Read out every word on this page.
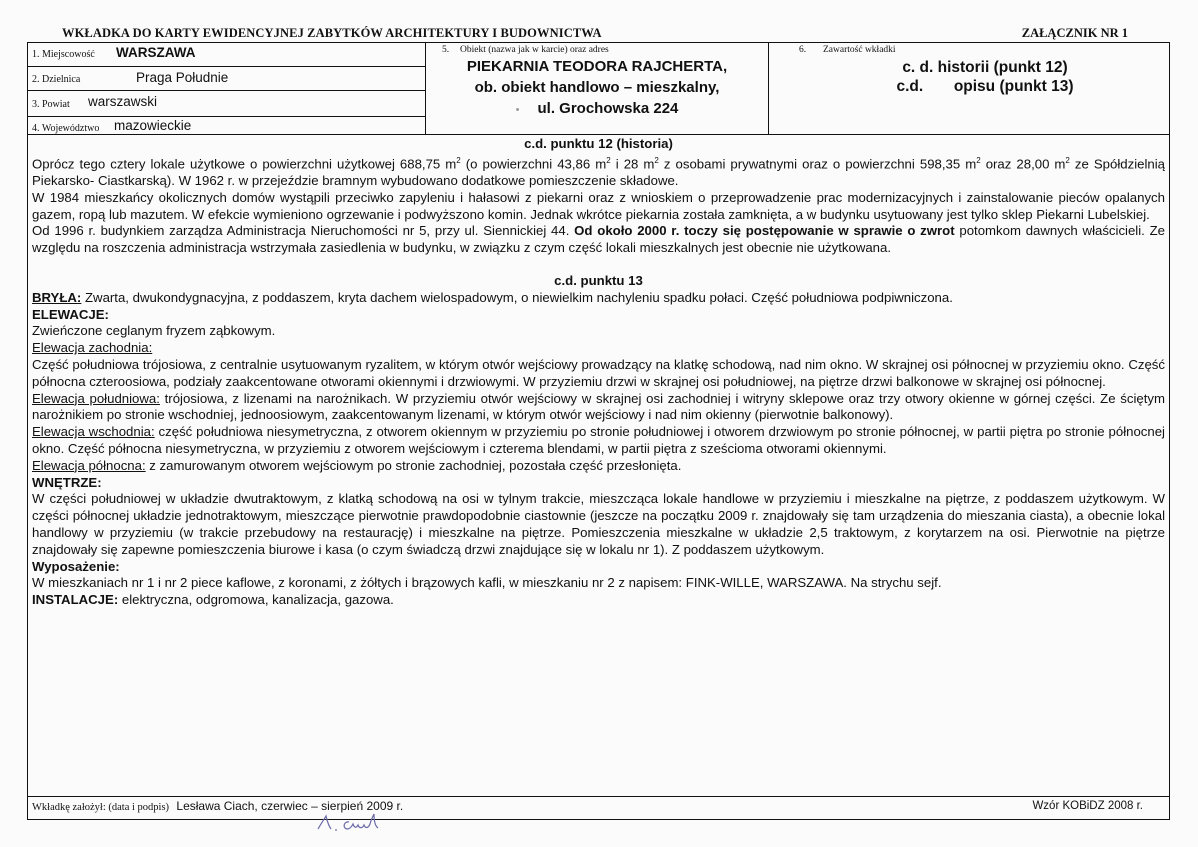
WKŁADKA DO KARTY EWIDENCYJNEJ ZABYTKÓW ARCHITEKTURY I BUDOWNICTWA	ZAŁĄCZNIK NR 1
1. Miejscowość WARSZAWA
2. Dzielnica	Praga Południe
3. Powiat warszawski
4. Województwo mazowieckie
5. Obiekt (nazwa jak w karcie) oraz adres
PIEKARNIA TEODORA RAJCHERTA,
ob. obiekt handlowo – mieszkalny,
• ul. Grochowska 224
6. Zawartość wkładki
c. d. historii (punkt 12)
c.d. opisu (punkt 13)

c.d. punktu 12 (historia)

Oprócz tego cztery lokale użytkowe o powierzchni użytkowej 688,75 $m^2$ (o powierzchni 43,86 $m^2$ i 28 $m^2$ z osobami prywatnymi oraz o powierzchni 598,35 $m^2$ oraz 28,00 $m^2$ ze Spółdzielnią Piekarsko- Ciastkarską). W 1962 r. w przejeździe bramnym wybudowano dodatkowe pomieszczenie składowe.

W 1984 mieszkańcy okolicznych domów wystąpili przeciwko zapyleniu i hałasowi z piekarni oraz z wnioskiem o przeprowadzenie prac modernizacyjnych i zainstalowanie pieców opalanych gazem, ropą lub mazutem. W efekcie wymieniono ogrzewanie i podwyższono komin. Jednak wkrótce piekarnia została zamknięta, a w budynku usytuowany jest tylko sklep Piekarni Lubelskiej.

Od 1996 r. budynkiem zarządza Administracja Nieruchomości nr 5, przy ul. Siennickiej 44. Od około 2000 r. toczy się postępowanie w sprawie o zwrot potomkom dawnych właścicieli. Ze względu na roszczenia administracja wstrzymała zasiedlenia w budynku, w związku z czym część lokali mieszkalnych jest obecnie nie użytkowana.

c.d. punktu 13

BRYŁA: Zwarta, dwukondygnacyjna, z poddaszem, kryta dachem wielospadowym, o niewielkim nachyleniu spadku połaci. Część południowa podpiwniczona.

ELEWACJE:

Zwieńczone ceglanym fryzem ząbkowym.

Elewacja zachodnia:

Część południowa trójosiowa, z centralnie usytuowanym ryzalitem, w którym otwór wejściowy prowadzący na klatkę schodową, nad nim okno. W skrajnej osi północnej w przyziemiu okno. Część północna czteroosiowa, podziały zaakcentowane otworami okiennymi i drzwiowymi. W przyziemiu drzwi w skrajnej osi południowej, na piętrze drzwi balkonowe w skrajnej osi północnej.

Elewacja południowa: trójosiowa, z lizenami na narożnikach. W przyziemiu otwór wejściowy w skrajnej osi zachodniej i witryny sklepowe oraz trzy otwory okienne w górnej części. Ze ściętym narożnikiem po stronie wschodniej, jednoosiowym, zaakcentowanym lizenami, w którym otwór wejściowy i nad nim okienny (pierwotnie balkonowy).

Elewacja wschodnia: część południowa niesymetryczna, z otworem okiennym w przyziemiu po stronie południowej i otworem drzwiowym po stronie północnej, w partii piętra po stronie północnej okno. Część północna niesymetryczna, w przyziemiu z otworem wejściowym i czterema blendami, w partii piętra z sześcioma otworami okiennymi.

Elewacja północna: z zamurowanym otworem wejściowym po stronie zachodniej, pozostała część przesłonięta.

WNĘTRZE:

W części południowej w układzie dwutraktowym, z klatką schodową na osi w tylnym trakcie, mieszcząca lokale handlowe w przyziemiu i mieszkalne na piętrze, z poddaszem użytkowym. W części północnej układzie jednotraktowym, mieszczące pierwotnie prawdopodobnie ciastownie (jeszcze na początku 2009 r. znajdowały się tam urządzenia do mieszania ciasta), a obecnie lokal handlowy w przyziemiu (w trakcie przebudowy na restaurację) i mieszkalne na piętrze. Pomieszczenia mieszkalne w układzie 2,5 traktowym, z korytarzem na osi. Pierwotnie na piętrze znajdowały się zapewne pomieszczenia biurowe i kasa (o czym świadczą drzwi znajdujące się w lokalu nr 1). Z poddaszem użytkowym.

Wyposażenie:

W mieszkaniach nr 1 i nr 2 piece kaflowe, z koronami, z żółtych i brązowych kafli, w mieszkaniu nr 2 z napisem: FINK-WILLE, WARSZAWA. Na strychu sejf.

INSTALACJE: elektryczna, odgromowa, kanalizacja, gazowa.

Wkładkę założył: (data i podpis) Lesława Ciach, czerwiec – sierpień 2009 r.	Wzór KOBiDZ 2008 r.
